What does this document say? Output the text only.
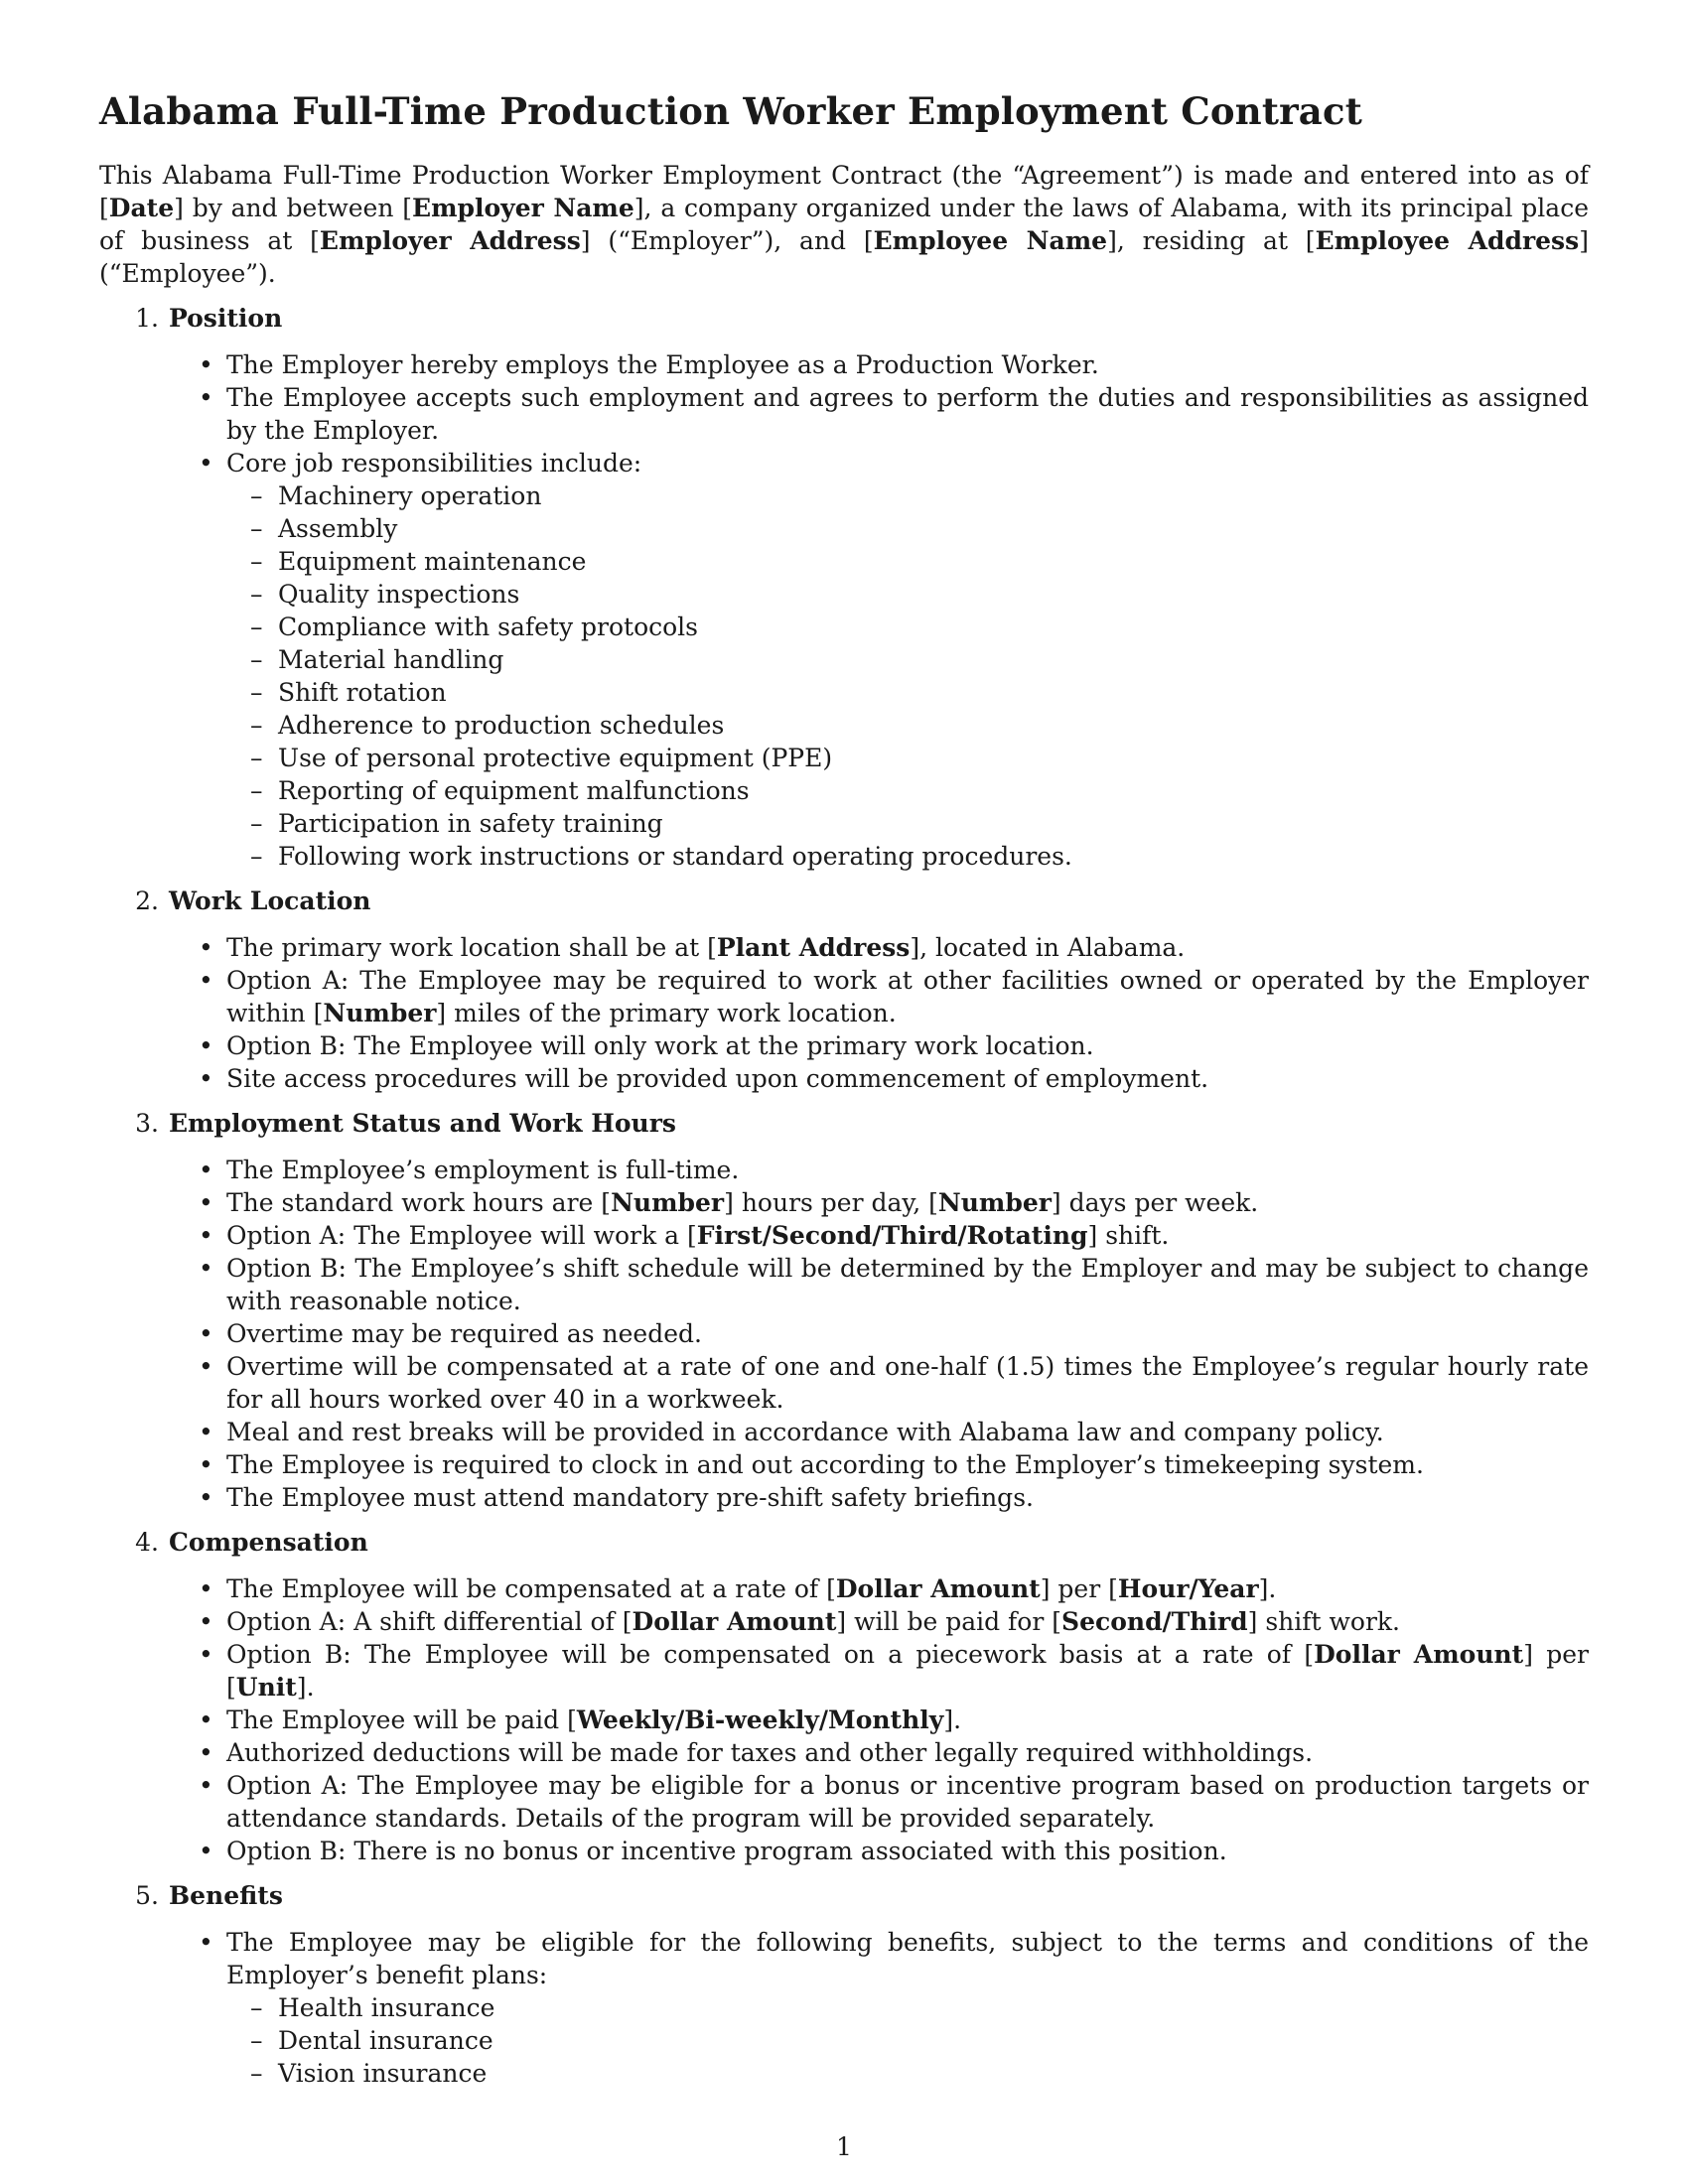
Alabama Full-Time Production Worker Employment Contract

This Alabama Full-Time Production Worker Employment Contract (the “Agreement”) is made and entered into as of [Date] by and between [Employer Name], a company organized under the laws of Alabama, with its principal place of business at [Employer Address] (“Employer”), and [Employee Name], residing at [Employee Address] (“Employee”).

1. Position
• The Employer hereby employs the Employee as a Production Worker.
• The Employee accepts such employment and agrees to perform the duties and responsibilities as assigned by the Employer.
• Core job responsibilities include:
– Machinery operation
– Assembly
– Equipment maintenance
– Quality inspections
– Compliance with safety protocols
– Material handling
– Shift rotation
– Adherence to production schedules
– Use of personal protective equipment (PPE)
– Reporting of equipment malfunctions
– Participation in safety training
– Following work instructions or standard operating procedures.
2. Work Location
• The primary work location shall be at [Plant Address], located in Alabama.
• Option A: The Employee may be required to work at other facilities owned or operated by the Employer within [Number] miles of the primary work location.
• Option B: The Employee will only work at the primary work location.
• Site access procedures will be provided upon commencement of employment.
3. Employment Status and Work Hours
• The Employee’s employment is full-time.
• The standard work hours are [Number] hours per day, [Number] days per week.
• Option A: The Employee will work a [First/Second/Third/Rotating] shift.
• Option B: The Employee’s shift schedule will be determined by the Employer and may be subject to change with reasonable notice.
• Overtime may be required as needed.
• Overtime will be compensated at a rate of one and one-half (1.5) times the Employee’s regular hourly rate for all hours worked over 40 in a workweek.
• Meal and rest breaks will be provided in accordance with Alabama law and company policy.
• The Employee is required to clock in and out according to the Employer’s timekeeping system.
• The Employee must attend mandatory pre-shift safety briefings.
4. Compensation
• The Employee will be compensated at a rate of [Dollar Amount] per [Hour/Year].
• Option A: A shift differential of [Dollar Amount] will be paid for [Second/Third] shift work.
• Option B: The Employee will be compensated on a piecework basis at a rate of [Dollar Amount] per [Unit].
• The Employee will be paid [Weekly/Bi-weekly/Monthly].
• Authorized deductions will be made for taxes and other legally required withholdings.
• Option A: The Employee may be eligible for a bonus or incentive program based on production targets or attendance standards. Details of the program will be provided separately.
• Option B: There is no bonus or incentive program associated with this position.
5. Benefits
• The Employee may be eligible for the following benefits, subject to the terms and conditions of the Employer’s benefit plans:
– Health insurance
– Dental insurance
– Vision insurance
1
